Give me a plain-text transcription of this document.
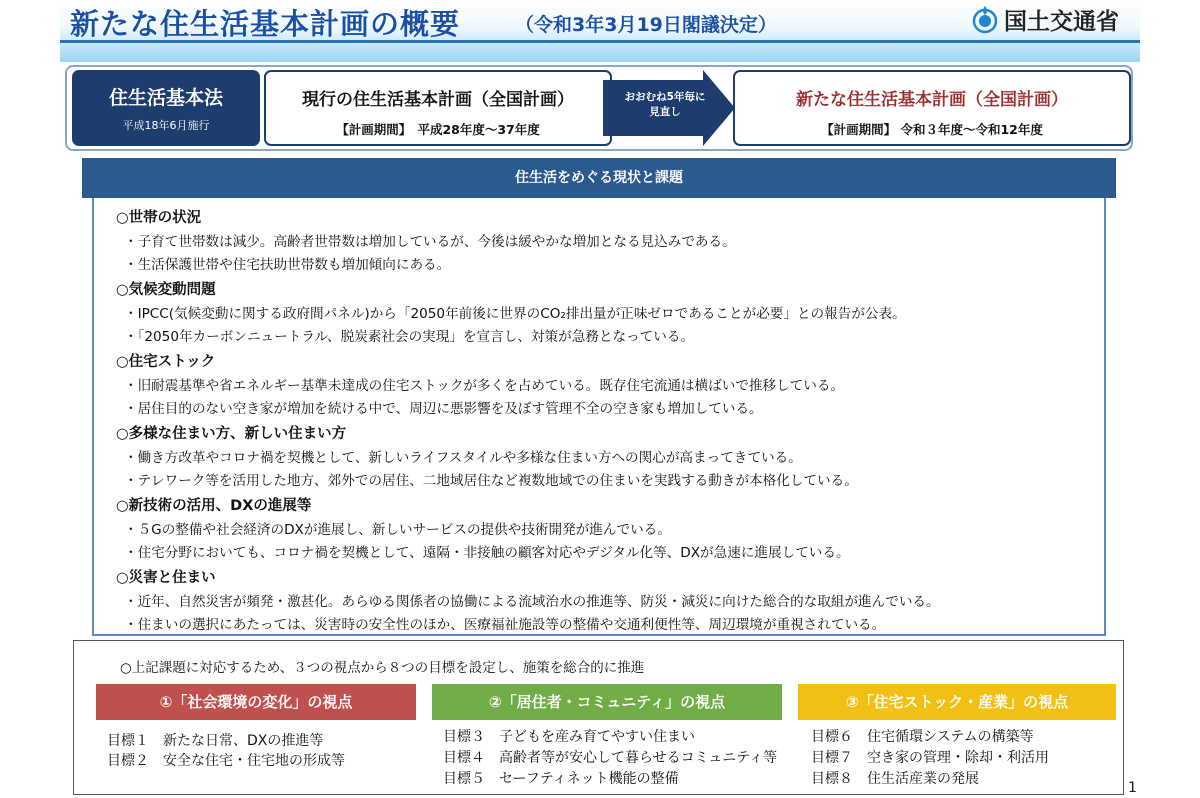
新たな住生活基本計画の概要	（令和3年3月19日閣議決定）	国土交通省
住生活基本法
平成18年6月施行
現行の住生活基本計画（全国計画）
【計画期間】　平成28年度～37年度
おおむね5年毎に
見直し
新たな住生活基本計画（全国計画）
【計画期間】 令和３年度～令和12年度
住生活をめぐる現状と課題
○世帯の状況
・子育て世帯数は減少。高齢者世帯数は増加しているが、今後は緩やかな増加となる見込みである。
・生活保護世帯や住宅扶助世帯数も増加傾向にある。
○気候変動問題
・IPCC(気候変動に関する政府間パネル)から「2050年前後に世界のCO₂排出量が正味ゼロであることが必要」との報告が公表。
・「2050年カーボンニュートラル、脱炭素社会の実現」を宣言し、対策が急務となっている。
○住宅ストック
・旧耐震基準や省エネルギー基準未達成の住宅ストックが多くを占めている。既存住宅流通は横ばいで推移している。
・居住目的のない空き家が増加を続ける中で、周辺に悪影響を及ぼす管理不全の空き家も増加している。
○多様な住まい方、新しい住まい方
・働き方改革やコロナ禍を契機として、新しいライフスタイルや多様な住まい方への関心が高まってきている。
・テレワーク等を活用した地方、郊外での居住、二地域居住など複数地域での住まいを実践する動きが本格化している。
○新技術の活用、DXの進展等
・５Gの整備や社会経済のDXが進展し、新しいサービスの提供や技術開発が進んでいる。
・住宅分野においても、コロナ禍を契機として、遠隔・非接触の顧客対応やデジタル化等、DXが急速に進展している。
○災害と住まい
・近年、自然災害が頻発・激甚化。あらゆる関係者の協働による流域治水の推進等、防災・減災に向けた総合的な取組が進んでいる。
・住まいの選択にあたっては、災害時の安全性のほか、医療福祉施設等の整備や交通利便性等、周辺環境が重視されている。
○上記課題に対応するため、３つの視点から８つの目標を設定し、施策を総合的に推進
①「社会環境の変化」の視点	②「居住者・コミュニティ」の視点	③「住宅ストック・産業」の視点
目標１　新たな日常、DXの推進等
目標２　安全な住宅・住宅地の形成等
目標３　子どもを産み育てやすい住まい
目標４　高齢者等が安心して暮らせるコミュニティ等
目標５　セーフティネット機能の整備
目標６　住宅循環システムの構築等
目標７　空き家の管理・除却・利活用
目標８　住生活産業の発展
1
